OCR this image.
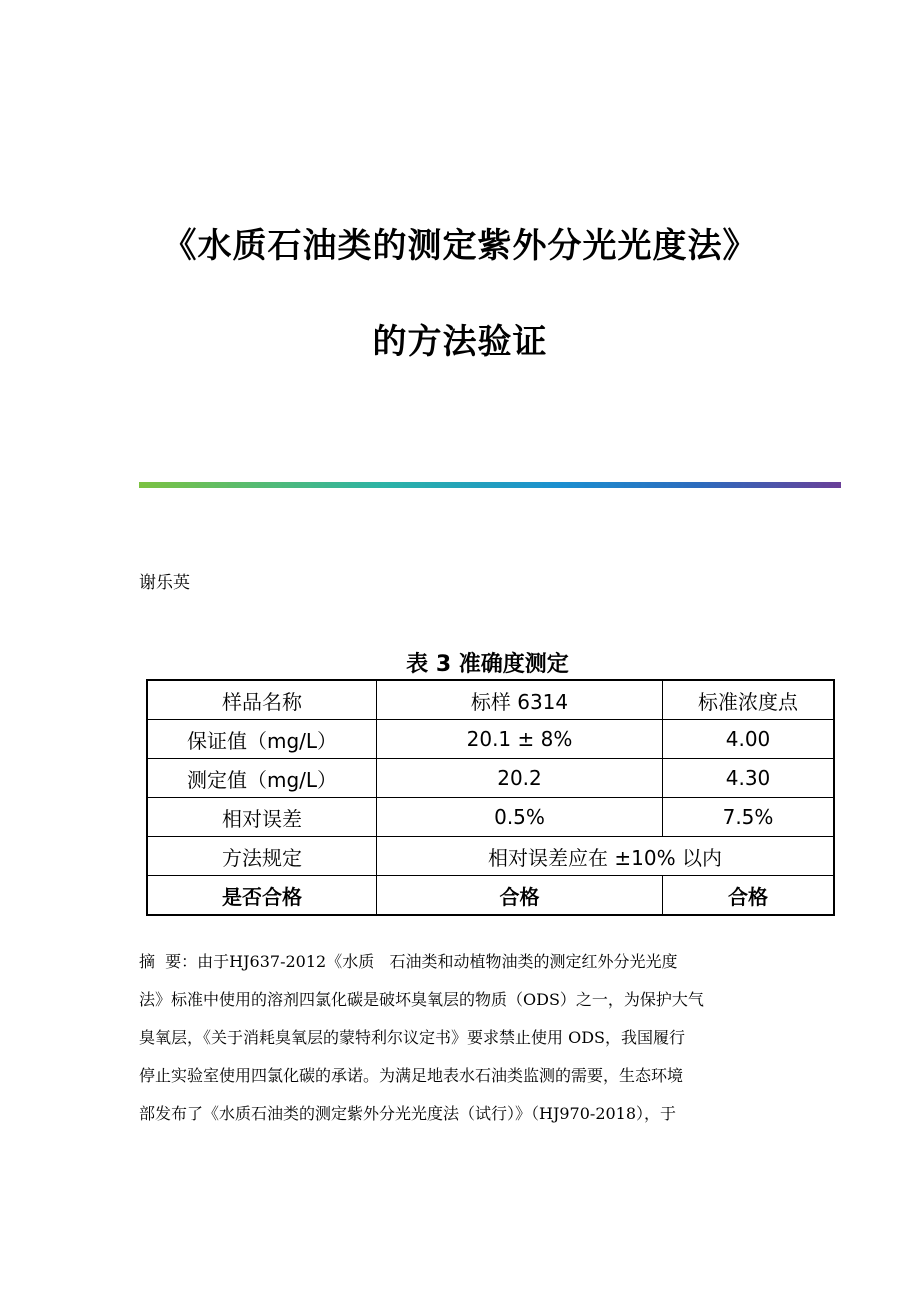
《水质石油类的测定紫外分光光度法》
的方法验证
谢乐英
表 3 准确度测定
样品名称	标样 6314	标准浓度点
保证值（mg/L）	20.1 ± 8%	4.00
测定值（mg/L）	20.2	4.30
相对误差	0.5%	7.5%
方法规定	相对误差应在 ±10% 以内	
是否合格	合格	合格
摘  要：由于HJ637-2012《水质   石油类和动植物油类的测定红外分光光度
法》标准中使用的溶剂四氯化碳是破坏臭氧层的物质（ODS）之一，为保护大气
臭氧层，《关于消耗臭氧层的蒙特利尔议定书》要求禁止使用 ODS，我国履行
停止实验室使用四氯化碳的承诺。为满足地表水石油类监测的需要，生态环境
部发布了《水质石油类的测定紫外分光光度法（试行）》（HJ970-2018），于
